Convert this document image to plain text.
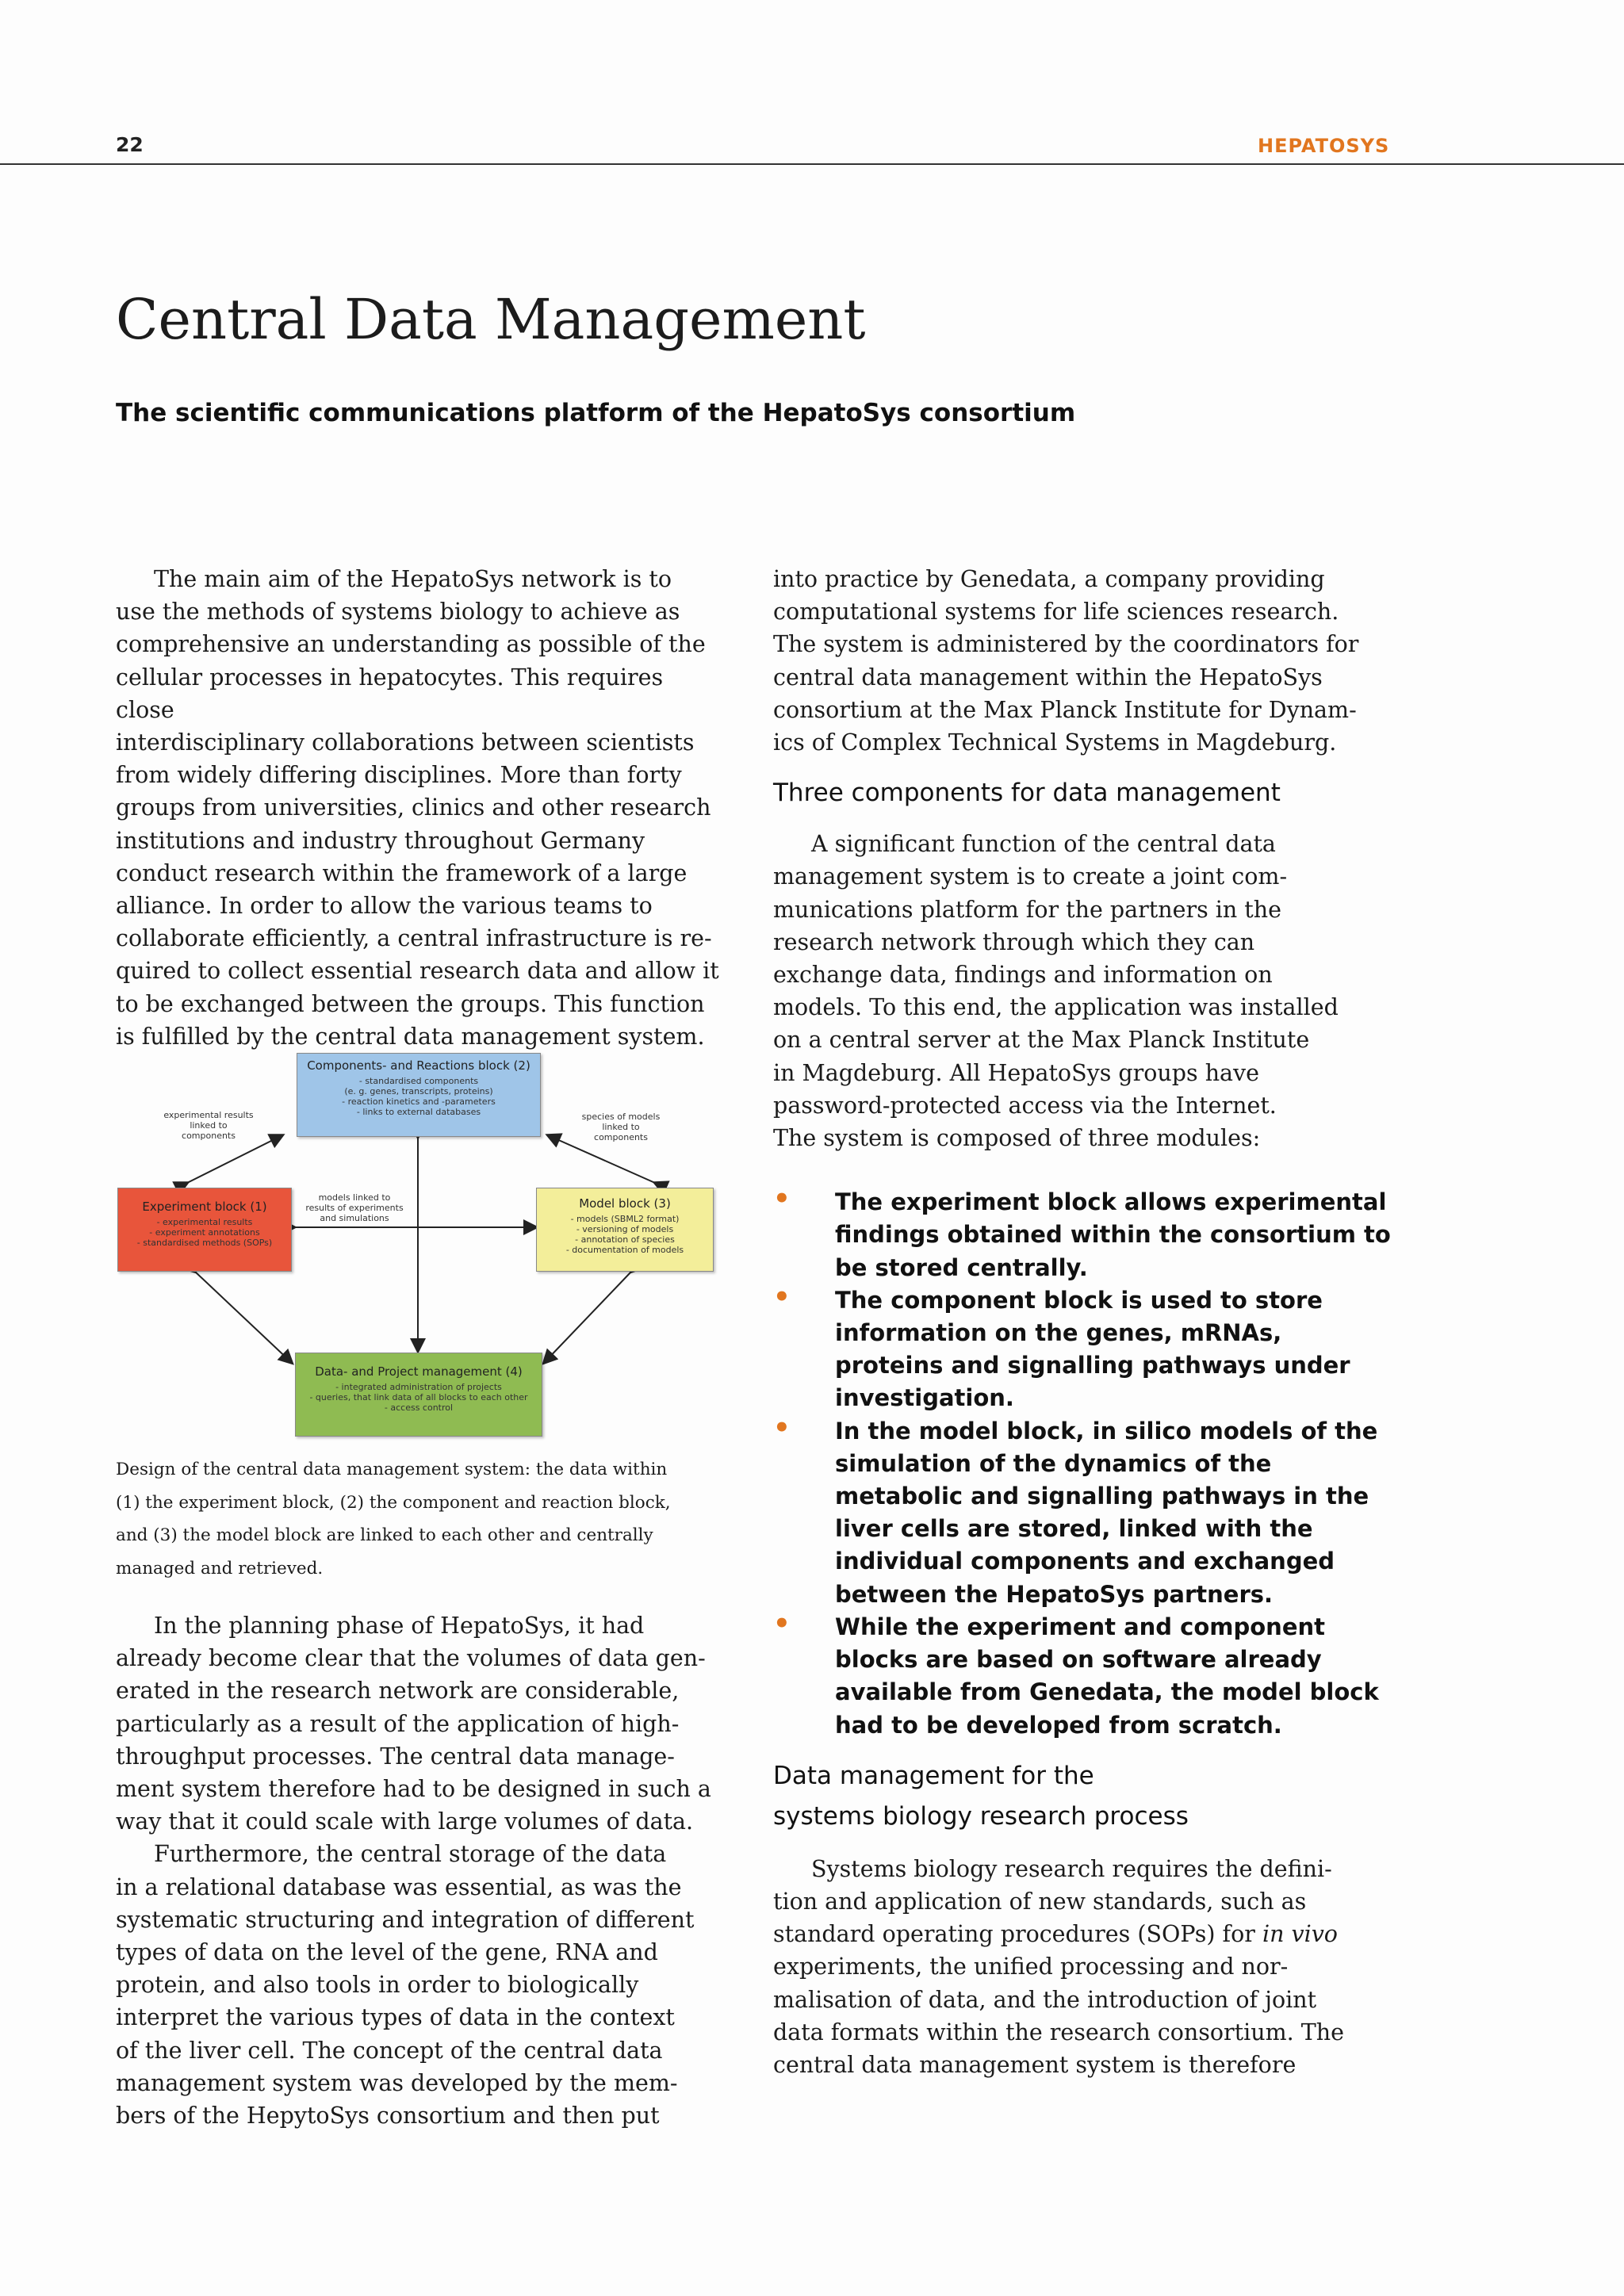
22	HEPATOSYS
Central Data Management
The scientific communications platform of the HepatoSys consortium

The main aim of the HepatoSys network is to
use the methods of systems biology to achieve as
comprehensive an understanding as possible of the
cellular processes in hepatocytes. This requires close
interdisciplinary collaborations between scientists
from widely differing disciplines. More than forty
groups from universities, clinics and other research
institutions and industry throughout Germany
conduct research within the framework of a large
alliance. In order to allow the various teams to
collaborate efficiently, a central infrastructure is re-
quired to collect essential research data and allow it
to be exchanged between the groups. This function
is fulfilled by the central data management system.

Components- and Reactions block (2)
- standardised components
(e. g. genes, transcripts, proteins)
- reaction kinetics and -parameters
- links to external databases
Experiment block (1)
- experimental results
- experiment annotations
- standardised methods (SOPs)
Model block (3)
- models (SBML2 format)
- versioning of models
- annotation of species
- documentation of models
Data- and Project management (4)
- integrated administration of projects
- queries, that link data of all blocks to each other
- access control
experimental results
linked to
components
species of models
linked to
components
models linked to
results of experiments
and simulations
Design of the central data management system: the data within
(1) the experiment block, (2) the component and reaction block,
and (3) the model block are linked to each other and centrally
managed and retrieved.

In the planning phase of HepatoSys, it had
already become clear that the volumes of data gen-
erated in the research network are considerable,
particularly as a result of the application of high-
throughput processes. The central data manage-
ment system therefore had to be designed in such a
way that it could scale with large volumes of data.

Furthermore, the central storage of the data
in a relational database was essential, as was the
systematic structuring and integration of different
types of data on the level of the gene, RNA and
protein, and also tools in order to biologically
interpret the various types of data in the context
of the liver cell. The concept of the central data
management system was developed by the mem-
bers of the HepytoSys consortium and then put

into practice by Genedata, a company providing
computational systems for life sciences research.
The system is administered by the coordinators for
central data management within the HepatoSys
consortium at the Max Planck Institute for Dynam-
ics of Complex Technical Systems in Magdeburg.

Three components for data management

A significant function of the central data
management system is to create a joint com-
munications platform for the partners in the
research network through which they can
exchange data, findings and information on
models. To this end, the application was installed
on a central server at the Max Planck Institute
in Magdeburg. All HepatoSys groups have
password-protected access via the Internet.
The system is composed of three modules:

• The experiment block allows experimental
findings obtained within the consortium to
be stored centrally.
• The component block is used to store
information on the genes, mRNAs,
proteins and signalling pathways under
investigation.
• In the model block, in silico models of the
simulation of the dynamics of the
metabolic and signalling pathways in the
liver cells are stored, linked with the
individual components and exchanged
between the HepatoSys partners.
• While the experiment and component
blocks are based on software already
available from Genedata, the model block
had to be developed from scratch.
Data management for the
systems biology research process

Systems biology research requires the defini-
tion and application of new standards, such as
standard operating procedures (SOPs) for in vivo
experiments, the unified processing and nor-
malisation of data, and the introduction of joint
data formats within the research consortium. The
central data management system is therefore
